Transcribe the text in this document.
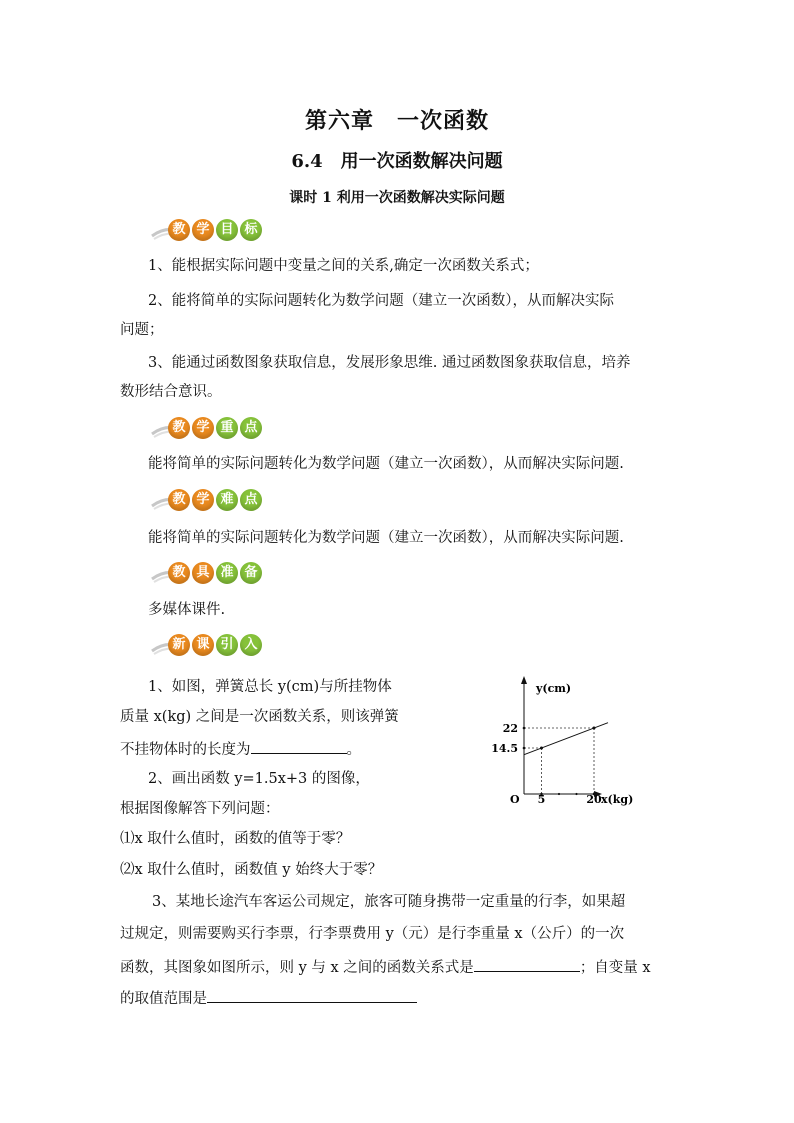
第六章　一次函数
6.4　用一次函数解决问题
课时 1 利用一次函数解决实际问题
教 学 目 标
1、能根据实际问题中变量之间的关系,确定一次函数关系式；
2、能将简单的实际问题转化为数学问题（建立一次函数），从而解决实际
问题；
3、能通过函数图象获取信息，发展形象思维. 通过函数图象获取信息，培养
数形结合意识。
教 学 重 点
能将简单的实际问题转化为数学问题（建立一次函数），从而解决实际问题.
教 学 难 点
能将简单的实际问题转化为数学问题（建立一次函数），从而解决实际问题.
教 具 准 备
多媒体课件.
新 课 引 入
1、如图，弹簧总长 y(cm)与所挂物体
质量 x(kg) 之间是一次函数关系，则该弹簧
不挂物体时的长度为	。
2、画出函数 y=1.5x+3 的图像，
根据图像解答下列问题：
⑴x 取什么值时，函数的值等于零？
⑵x 取什么值时，函数值 y 始终大于零？
3、某地长途汽车客运公司规定，旅客可随身携带一定重量的行李，如果超
过规定，则需要购买行李票，行李票费用 y（元）是行李重量 x（公斤）的一次
函数，其图象如图所示，则 y 与 x 之间的函数关系式是	；自变量 x
的取值范围是
y(cm)
x(kg)
O
22
14.5
5	20
